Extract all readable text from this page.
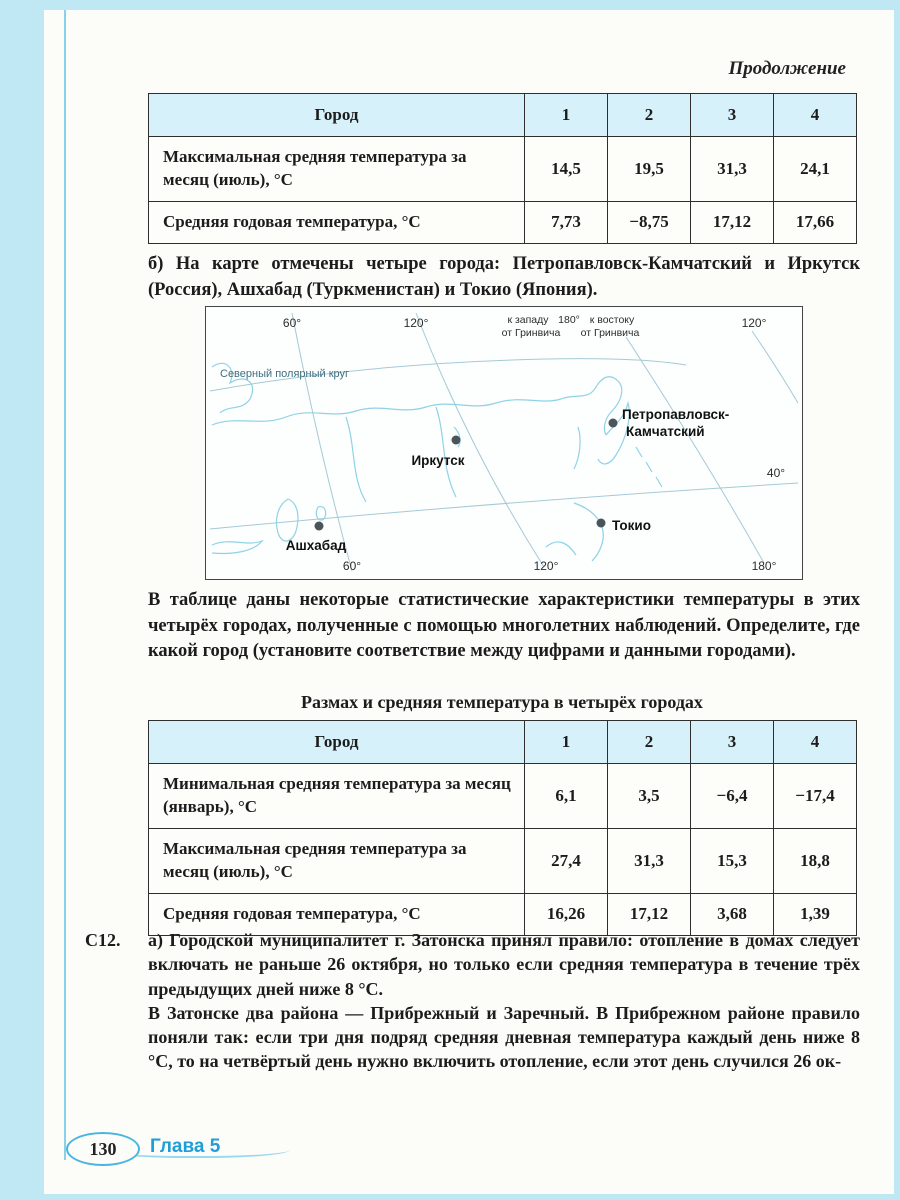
Продолжение
Город	1	2	3	4
Максимальная средняя температура за месяц (июль), °С	14,5	19,5	31,3	24,1
Средняя годовая температура, °С	7,73	−8,75	17,12	17,66
б) На карте отмечены четыре города: Петропавловск-Камчатский и Иркутск (Россия), Ашхабад (Туркменистан) и Токио (Япония).
60°	120°	120°
60°	120°	180°
40°
к западу 180° к востоку
от Гринвича от Гринвича
Северный полярный круг
Иркутск
Петропавловск-
Камчатский
Ашхабад
Токио
В таблице даны некоторые статистические характеристики температуры в этих четырёх городах, полученные с помощью многолетних наблюдений. Определите, где какой город (установите соответствие между цифрами и данными городами).
Размах и средняя температура в четырёх городах
Город	1	2	3	4
Минимальная средняя температура за месяц (январь), °С	6,1	3,5	−6,4	−17,4
Максимальная средняя температура за месяц (июль), °С	27,4	31,3	15,3	18,8
Средняя годовая температура, °С	16,26	17,12	3,68	1,39
С12. а) Городской муниципалитет г. Затонска принял правило: отопление в домах следует включать не раньше 26 октября, но только если средняя температура в течение трёх предыдущих дней ниже 8 °С.

В Затонске два района — Прибрежный и Заречный. В Прибрежном районе правило поняли так: если три дня подряд средняя дневная температура каждый день ниже 8 °С, то на четвёртый день нужно включить отопление, если этот день случился 26 ок-

130	Глава 5
